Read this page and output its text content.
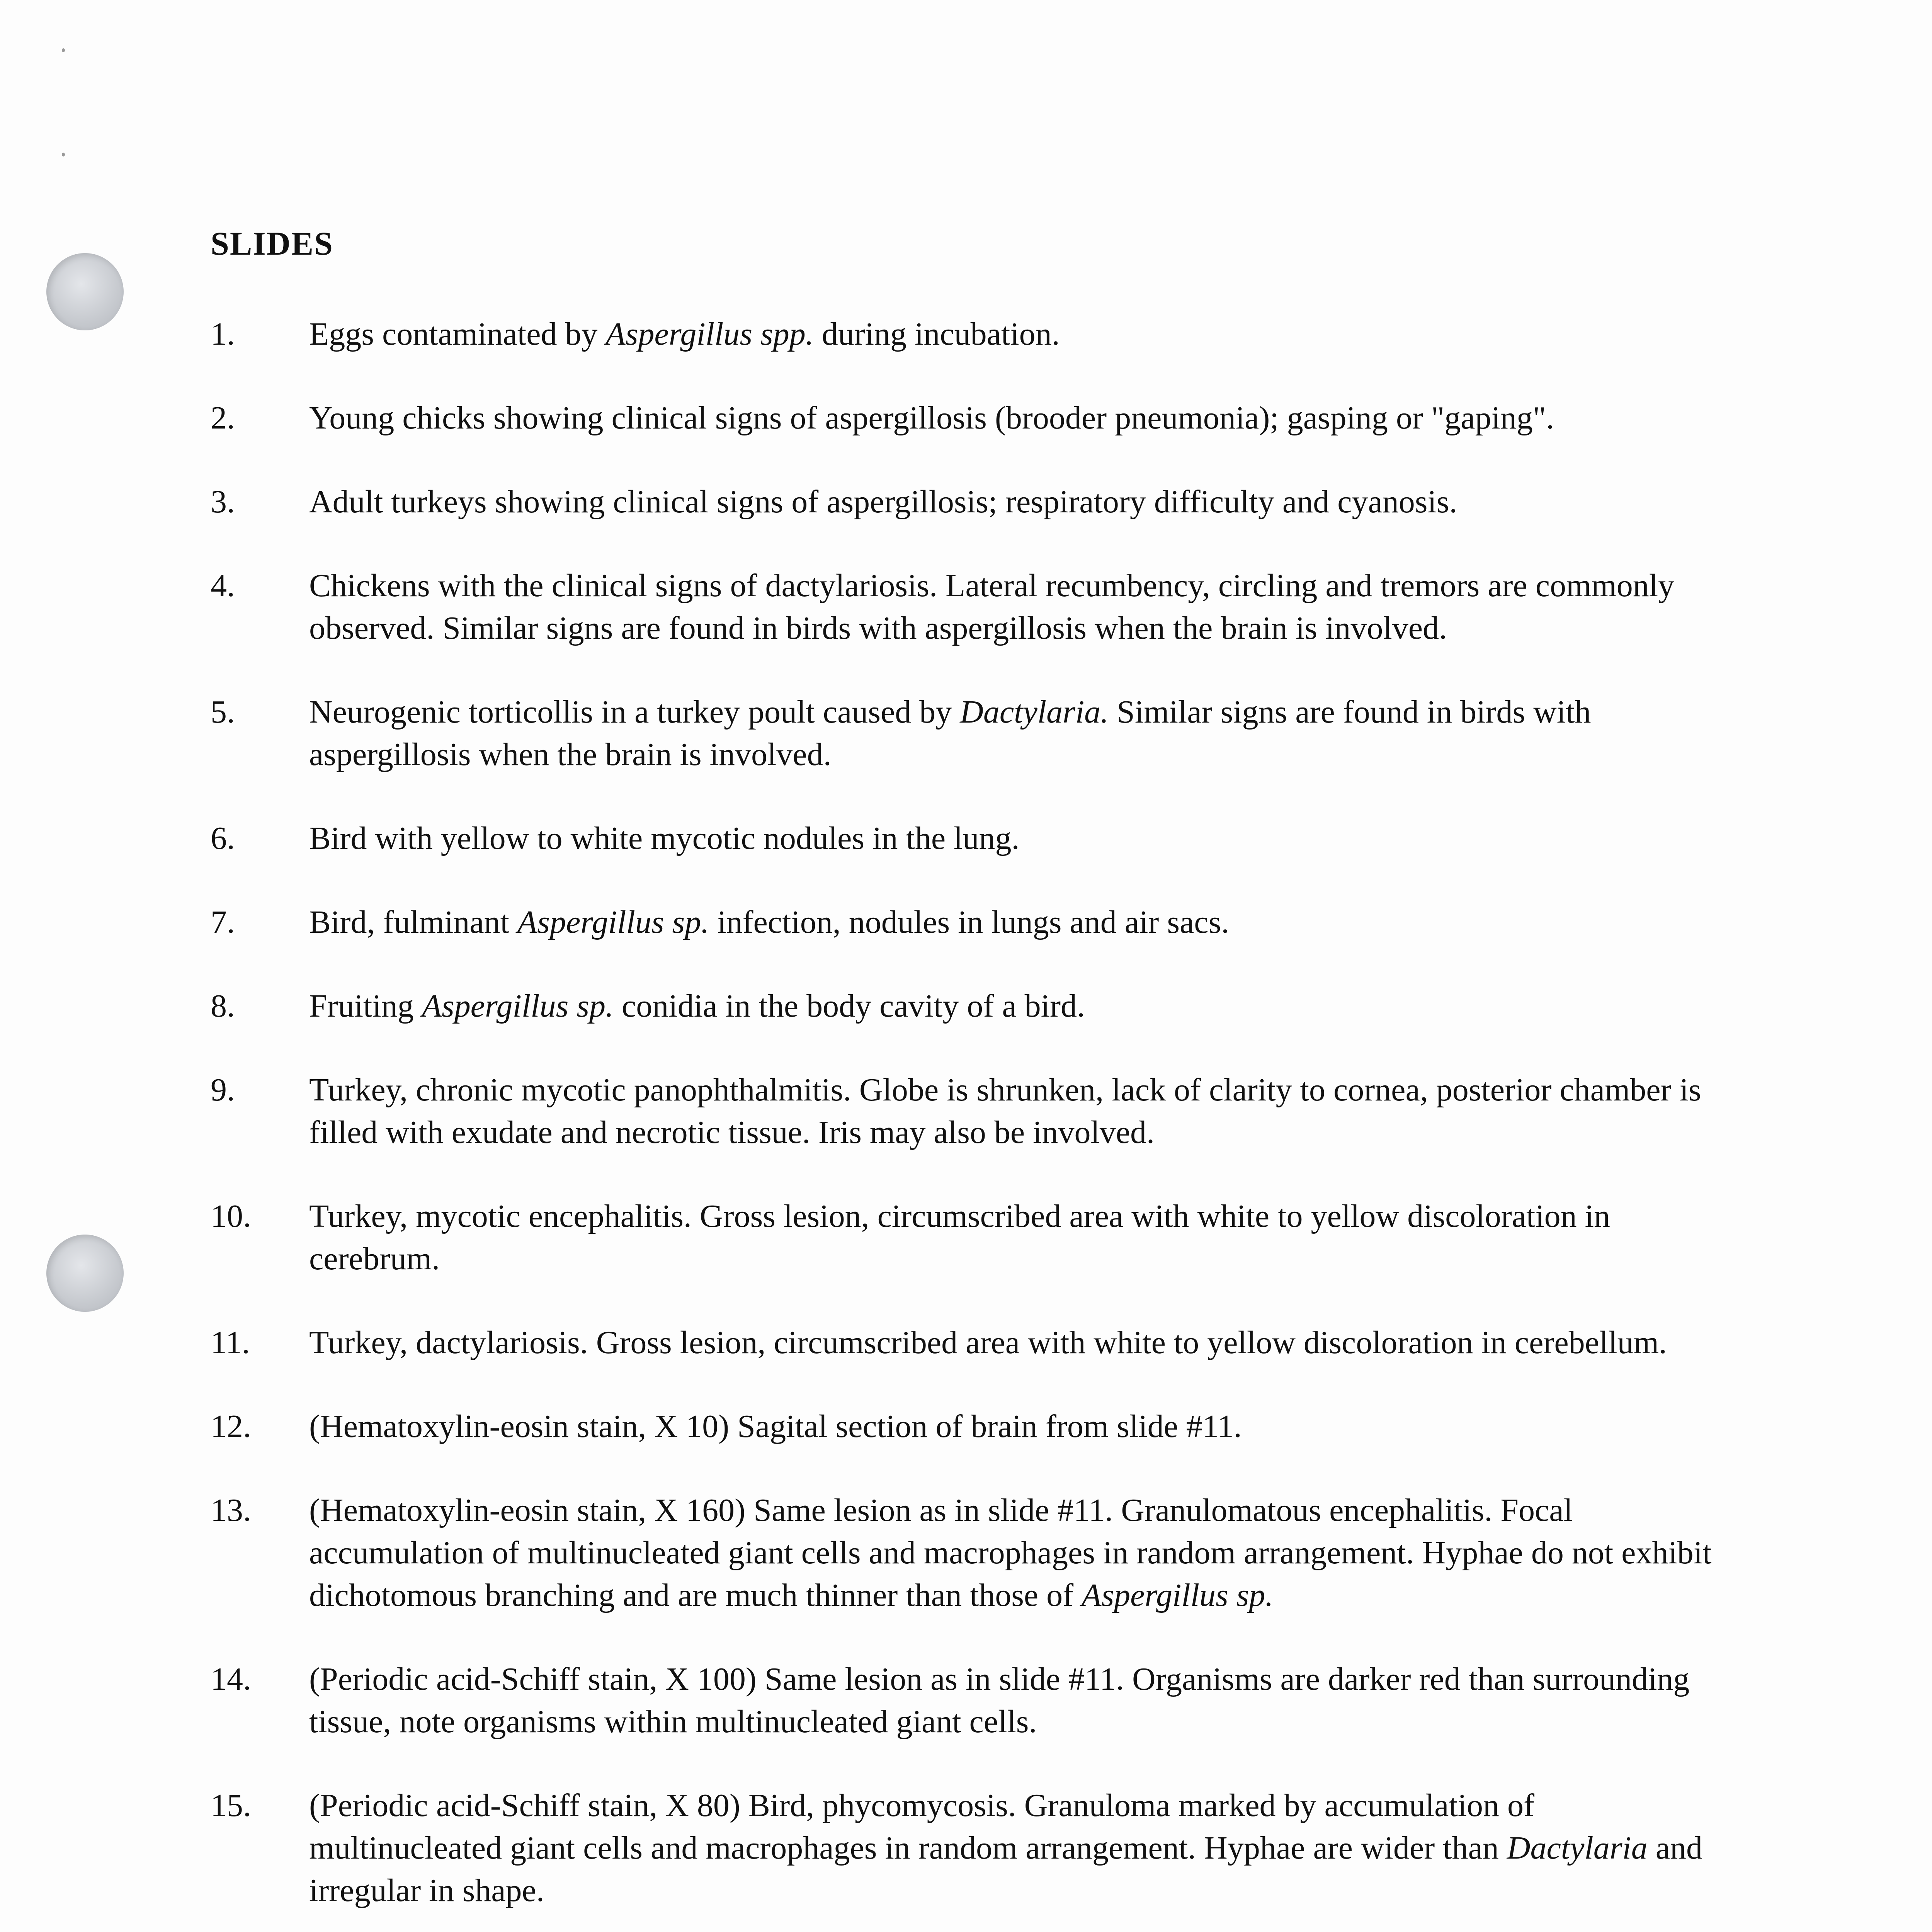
SLIDES
1. Eggs contaminated by Aspergillus spp. during incubation.
2. Young chicks showing clinical signs of aspergillosis (brooder pneumonia); gasping or "gaping".
3. Adult turkeys showing clinical signs of aspergillosis; respiratory difficulty and cyanosis.
4. Chickens with the clinical signs of dactylariosis. Lateral recumbency, circling and tremors are commonly observed. Similar signs are found in birds with aspergillosis when the brain is involved.
5. Neurogenic torticollis in a turkey poult caused by Dactylaria. Similar signs are found in birds with aspergillosis when the brain is involved.
6. Bird with yellow to white mycotic nodules in the lung.
7. Bird, fulminant Aspergillus sp. infection, nodules in lungs and air sacs.
8. Fruiting Aspergillus sp. conidia in the body cavity of a bird.
9. Turkey, chronic mycotic panophthalmitis. Globe is shrunken, lack of clarity to cornea, posterior chamber is filled with exudate and necrotic tissue. Iris may also be involved.
10. Turkey, mycotic encephalitis. Gross lesion, circumscribed area with white to yellow discoloration in cerebrum.
11. Turkey, dactylariosis. Gross lesion, circumscribed area with white to yellow discoloration in cerebellum.
12. (Hematoxylin-eosin stain, X 10) Sagital section of brain from slide #11.
13. (Hematoxylin-eosin stain, X 160) Same lesion as in slide #11. Granulomatous encephalitis. Focal accumulation of multinucleated giant cells and macrophages in random arrangement. Hyphae do not exhibit dichotomous branching and are much thinner than those of Aspergillus sp.
14. (Periodic acid-Schiff stain, X 100) Same lesion as in slide #11. Organisms are darker red than surrounding tissue, note organisms within multinucleated giant cells.
15. (Periodic acid-Schiff stain, X 80) Bird, phycomycosis. Granuloma marked by accumulation of multinucleated giant cells and macrophages in random arrangement. Hyphae are wider than Dactylaria and irregular in shape.
